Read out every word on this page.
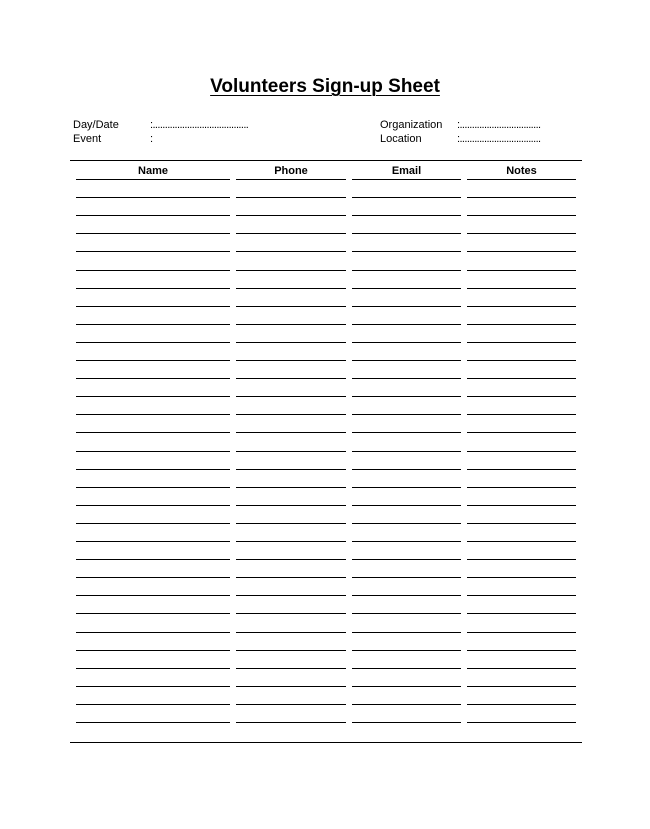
Volunteers Sign-up Sheet
Day/Date	:.......................................
Event	:
Organization :.................................
Location	:.................................
Name	Phone	Email	Notes
